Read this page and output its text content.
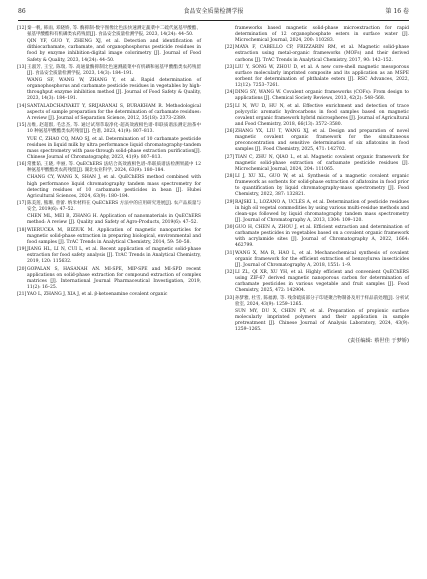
86	食品安全质量检测学报	第 16 卷

[12] 秦一帆, 韩雨, 邓晓娇, 等. 酶抑制-数字图像比色法快速测定蔬菜中二硫代氨基甲酸酯、氨基甲酸酯和有机磷类农药残留[J]. 食品安全质量检测学报, 2023, 14(24): 44–50.

QIN YF, GUO Y, ZHENG XJ, et al. Detection and identification of dithiocarbamate, carbamate, and organophosphorus pesticide residues in food by enzyme inhibition-digital image colorimetry [J]. Journal of Food Safety & Quality, 2023, 14(24): 44–50.

[13] 王淑芳, 王宝, 陈瑞, 等. 高通量酶抑制比色速测蔬菜中有机磷和氨基甲酸酯类农药残留[J]. 食品安全质量检测学报, 2023, 14(3): 184–191.

WANG SF, WANG W, ZHANG Y, et al. Rapid determination of organophosphorus and carbamate pesticide residues in vegetables by high-throughput enzyme inhibition method [J]. Journal of Food Safety & Quality, 2023, 14(3): 184–191.

[14] SANTALADCHAIYAKIT Y, SRIJARANAI S, BURAKHAM R. Methodological aspects of sample preparation for the determination of carbamate residues: A review [J]. Journal of Separation Science, 2012, 35(18): 2373–2389.

[15] 岳维, 赵超群, 毛忠杰, 等. 通过试剂萃取净化-超高效液相色谱-串联质谱法测定油茶中 10 种氨基甲酸酯类农药残留[J]. 色谱, 2023, 41(9): 807–813.

YUE C, ZHAO CQ, MAO SJ, et al. Determination of 10 carbamate pesticide residues in liquid milk by ultra performance liquid chromatography-tandem mass spectrometry with pass-through solid-phase extraction purification[J]. Chinese Journal of Chromatography, 2023, 41(9): 807–813.

[16] 常雅茹, 王晓, 申丽, 等. QuEChERS 法结合高效液相色谱-串联质谱法检测果蔬中 12 种氨基甲酸酯类农药残留[J]. 湖北农业科学, 2024, 63(9): 180–184.

CHANG CY, WANG X, SHAN J, et al. QuEChERS method combined with high performance liquid chromatography tandem mass spectrometry for detecting residues of 10 carbamate pesticides in bean [J]. Hubei Agricultural Sciences, 2024, 63(9): 180–184.

[17] 陈美莲, 熊珊, 曾蕾. 纳米材料在 QuEChERS 方法中的应用研究进展[J]. 农产品质量与安全, 2019(6): 47–52.

CHEN ML, MEI B, ZHANG H. Application of nanomaterials in QuEChERS method: A review [J]. Quality and Safety of Agro-Products, 2019(6): 47–52.

[18] WIERUCKA M, BIZIUK M. Application of magnetic nanoparticles for magnetic solid-phase extraction in preparing biological, environmental and food samples [J]. TrAC Trends in Analytical Chemistry, 2014, 59: 50–58.

[19] JIANG HL, LI N, CUI L, et al. Recent application of magnetic solid-phase extraction for food safety analysis [J]. TrAC Trends in Analytical Chemistry, 2019, 120: 115632.

[20] GOPALAN S, HASANAH AN. MI-SPE, MIP-SPE and MI-SPD recent applications on solid-phase extraction for compound extraction of complex matrices [J]. International Journal Pharmaceutical Investigation, 2019, 11(2): 16–25.

[21] YAO L, ZHANG J, XIA J, et al. β-ketoenamine covalent organic

frameworks based magnetic solid-phase microextraction for rapid determination of 12 organophosphate esters in surface water [J]. Microchemical Journal, 2024, 200: 110283.

[22] MAYA F, CABELLO CP, FRIZZARIN RM, et al. Magnetic solid-phase extraction using metal-organic frameworks (MOFs) and their derived carbons [J]. TrAC Trends in Analytical Chemistry, 2017, 90: 142–152.

[23] LIU Y, SONG W, ZHOU D, et al. A new core-shell magnetic mesoporous surface molecularly imprinted composite and its application as an MSPE sorbent for determination of phthalate esters [J]. RSC Advances, 2022, 12(12): 7253–7261.

[24] DING SY, WANG W. Covalent organic frameworks (COFs): From design to applications [J]. Chemical Society Reviews, 2013, 42(2): 548–568.

[25] LI N, WU D, HU N, et al. Effective enrichment and detection of trace polycyclic aromatic hydrocarbons in food samples based on magnetic covalent organic framework hybrid microspheres [J]. Journal of Agricultural and Food Chemistry, 2018, 66(13): 3572–3580.

[26] ZHANG YX, LIU T, WANG XJ, et al. Design and preparation of novel magnetic covalent organic framework for the simultaneous preconcentration and sensitive determination of six aflatoxins in food samples [J]. Food Chemistry, 2025, 471: 142702.

[27] TIAN C, ZHU N, QIAO L, et al. Magnetic covalent organic framework for magnetic solid-phase extraction of carbamate pesticide residues [J]. Microchemical Journal, 2024, 204: 111065.

[28] LI J, XU XL, GUO W, et al. Synthesis of a magnetic covalent organic framework as sorbents for solid-phase extraction of aflatoxins in food prior to quantification by liquid chromatography-mass spectrometry [J]. Food Chemistry, 2022, 387: 132821.

[29] RAJSKI L, LOZANO A, UCLÉS A, et al. Determination of pesticide residues in high oil vegetal commodities by using various multi-residue methods and clean-ups followed by liquid chromatography tandem mass spectrometry [J]. Journal of Chromatography A, 2013, 1304: 109–120.

[30] GUO H, CHEN A, ZHOU J, et al. Efficient extraction and determination of carbamate pesticides in vegetables based on a covalent organic framework with acrylamide sites [J]. Journal of Chromatography A, 2022, 1664: 462799.

[31] WANG X, MA R, HAO L, et al. Mechanochemical synthesis of covalent organic framework for the efficient extraction of benzoylurea insecticides [J]. Journal of Chromatography A, 2018, 1551: 1–9.

[32] LI ZL, QI XR, XU YH, et al. Highly efficient and convenient QuEChERS using ZIF-67 derived magnetic nanoporous carbon for determination of carbamate pesticides in various vegetable and fruit samples [J]. Food Chemistry, 2025, 472: 142904.

[33] 孙梦雅, 杜雪, 陈福源, 等. 残余硫质部分子印迹聚合物制备及用于样品前处理[J]. 分析试验室, 2024, 43(9): 1259–1265.

SUN MY, DU X, CHEN FY, et al. Preparation of propionic surface molecularly imprinted polymers and their application in sample pretreatment [J]. Chinese Journal of Analysis Laboratory, 2024, 43(9): 1259–1265.

(责任编辑: 蔡世佳 于梦娇)
